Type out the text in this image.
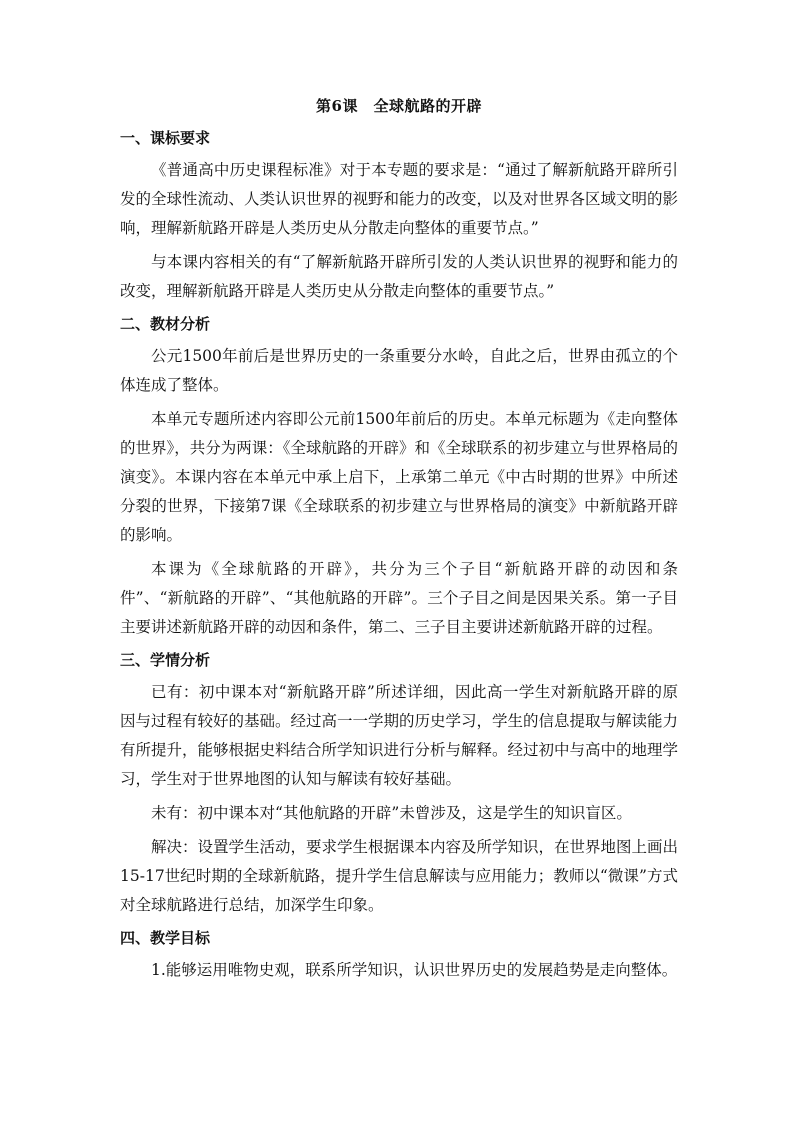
第6课　全球航路的开辟
一、课标要求

《普通高中历史课程标准》对于本专题的要求是：“通过了解新航路开辟所引发的全球性流动、人类认识世界的视野和能力的改变，以及对世界各区域文明的影响，理解新航路开辟是人类历史从分散走向整体的重要节点。”

与本课内容相关的有“了解新航路开辟所引发的人类认识世界的视野和能力的改变，理解新航路开辟是人类历史从分散走向整体的重要节点。”

二、教材分析

公元1500年前后是世界历史的一条重要分水岭，自此之后，世界由孤立的个体连成了整体。

本单元专题所述内容即公元前1500年前后的历史。本单元标题为《走向整体的世界》，共分为两课：《全球航路的开辟》和《全球联系的初步建立与世界格局的演变》。本课内容在本单元中承上启下，上承第二单元《中古时期的世界》中所述分裂的世界，下接第7课《全球联系的初步建立与世界格局的演变》中新航路开辟的影响。

本课为《全球航路的开辟》，共分为三个子目“新航路开辟的动因和条件”、“新航路的开辟”、“其他航路的开辟”。三个子目之间是因果关系。第一子目主要讲述新航路开辟的动因和条件，第二、三子目主要讲述新航路开辟的过程。

三、学情分析

已有：初中课本对“新航路开辟”所述详细，因此高一学生对新航路开辟的原因与过程有较好的基础。经过高一一学期的历史学习，学生的信息提取与解读能力有所提升，能够根据史料结合所学知识进行分析与解释。经过初中与高中的地理学习，学生对于世界地图的认知与解读有较好基础。

未有：初中课本对“其他航路的开辟”未曾涉及，这是学生的知识盲区。

解决：设置学生活动，要求学生根据课本内容及所学知识，在世界地图上画出15-17世纪时期的全球新航路，提升学生信息解读与应用能力；教师以“微课”方式对全球航路进行总结，加深学生印象。

四、教学目标

1.能够运用唯物史观，联系所学知识，认识世界历史的发展趋势是走向整体。
